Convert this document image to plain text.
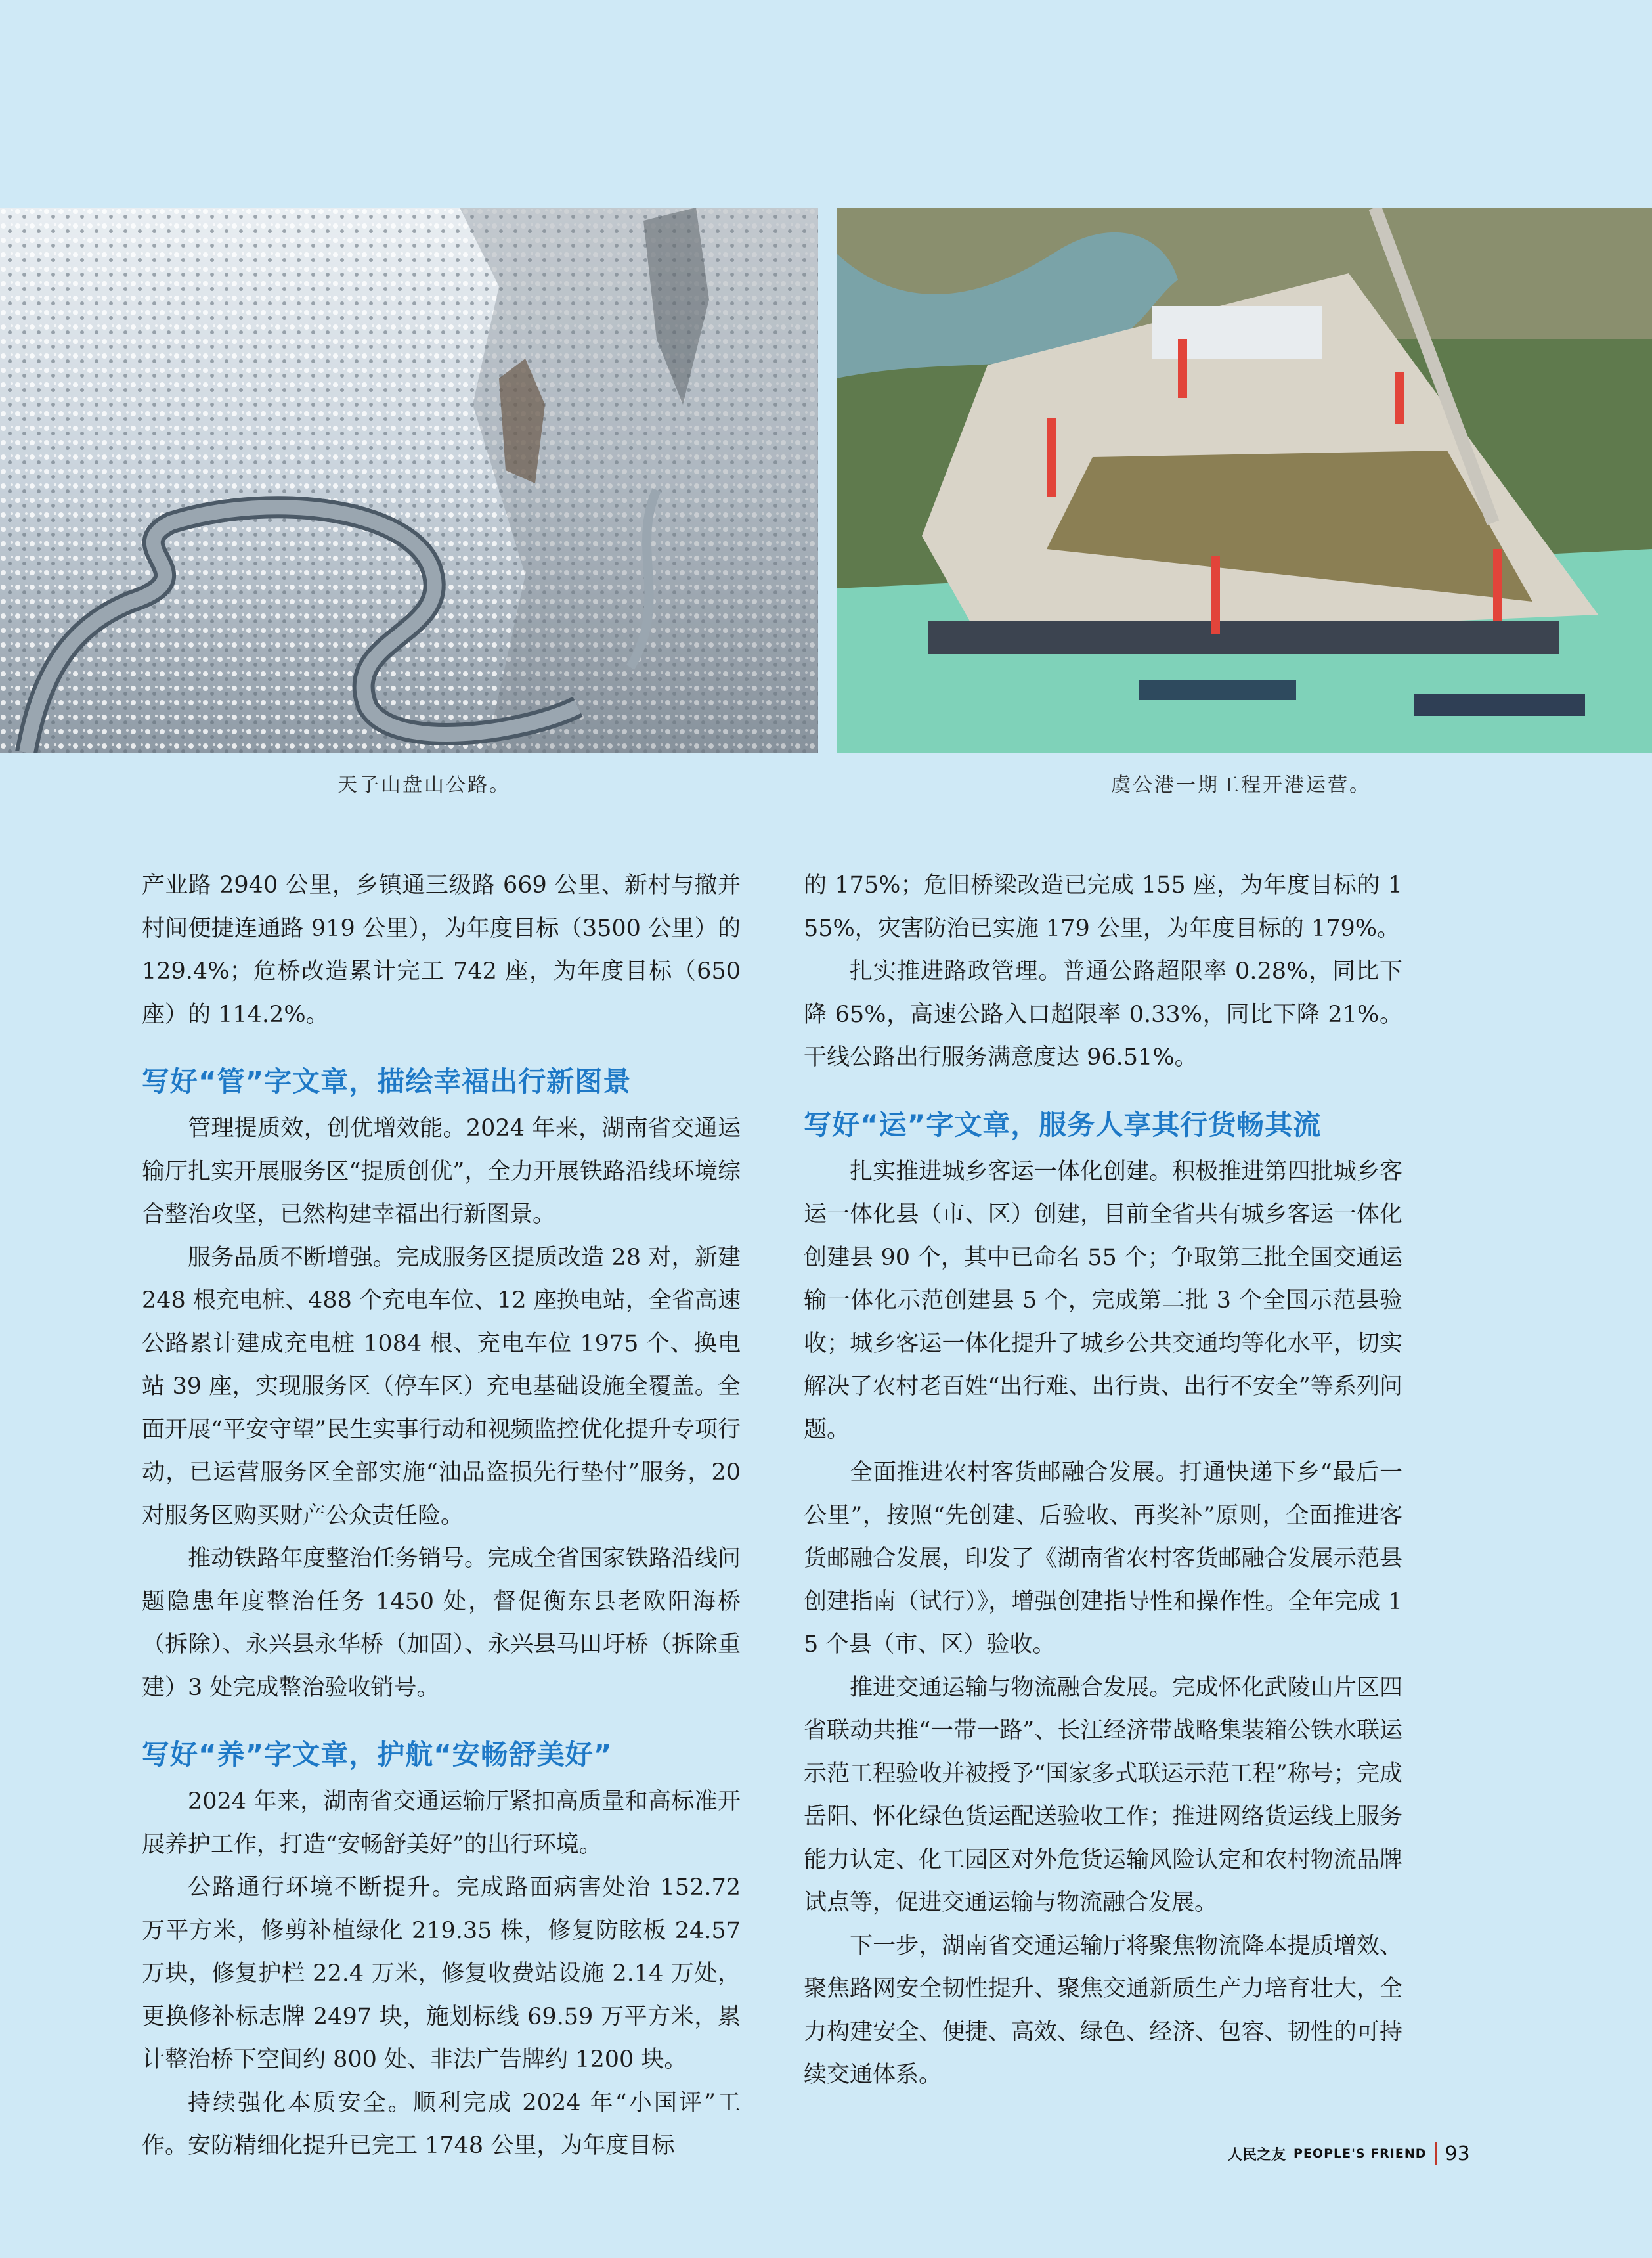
天子山盘山公路。	虞公港一期工程开港运营。

产业路 2940 公里，乡镇通三级路 669 公里、新村与撤并村间便捷连通路 919 公里），为年度目标（3500 公里）的 129.4%；危桥改造累计完工 742 座，为年度目标（650 座）的 114.2%。

写好“管”字文章，描绘幸福出行新图景

管理提质效，创优增效能。2024 年来，湖南省交通运输厅扎实开展服务区“提质创优”，全力开展铁路沿线环境综合整治攻坚，已然构建幸福出行新图景。

服务品质不断增强。完成服务区提质改造 28 对，新建 248 根充电桩、488 个充电车位、12 座换电站，全省高速公路累计建成充电桩 1084 根、充电车位 1975 个、换电站 39 座，实现服务区（停车区）充电基础设施全覆盖。全面开展“平安守望”民生实事行动和视频监控优化提升专项行动，已运营服务区全部实施“油品盗损先行垫付”服务，20 对服务区购买财产公众责任险。

推动铁路年度整治任务销号。完成全省国家铁路沿线问题隐患年度整治任务 1450 处，督促衡东县老欧阳海桥（拆除）、永兴县永华桥（加固）、永兴县马田圩桥（拆除重建）3 处完成整治验收销号。

写好“养”字文章，护航“安畅舒美好”

2024 年来，湖南省交通运输厅紧扣高质量和高标准开展养护工作，打造“安畅舒美好”的出行环境。

公路通行环境不断提升。完成路面病害处治 152.72 万平方米，修剪补植绿化 219.35 株，修复防眩板 24.57 万块，修复护栏 22.4 万米，修复收费站设施 2.14 万处，更换修补标志牌 2497 块，施划标线 69.59 万平方米，累计整治桥下空间约 800 处、非法广告牌约 1200 块。

持续强化本质安全。顺利完成 2024 年“小国评”工作。安防精细化提升已完工 1748 公里，为年度目标

的 175%；危旧桥梁改造已完成 155 座，为年度目标的 155%，灾害防治已实施 179 公里，为年度目标的 179%。

扎实推进路政管理。普通公路超限率 0.28%，同比下降 65%，高速公路入口超限率 0.33%，同比下降 21%。干线公路出行服务满意度达 96.51%。

写好“运”字文章，服务人享其行货畅其流

扎实推进城乡客运一体化创建。积极推进第四批城乡客运一体化县（市、区）创建，目前全省共有城乡客运一体化创建县 90 个，其中已命名 55 个；争取第三批全国交通运输一体化示范创建县 5 个，完成第二批 3 个全国示范县验收；城乡客运一体化提升了城乡公共交通均等化水平，切实解决了农村老百姓“出行难、出行贵、出行不安全”等系列问题。

全面推进农村客货邮融合发展。打通快递下乡“最后一公里”，按照“先创建、后验收、再奖补”原则，全面推进客货邮融合发展，印发了《湖南省农村客货邮融合发展示范县创建指南（试行）》，增强创建指导性和操作性。全年完成 15 个县（市、区）验收。

推进交通运输与物流融合发展。完成怀化武陵山片区四省联动共推“一带一路”、长江经济带战略集装箱公铁水联运示范工程验收并被授予“国家多式联运示范工程”称号；完成岳阳、怀化绿色货运配送验收工作；推进网络货运线上服务能力认定、化工园区对外危货运输风险认定和农村物流品牌试点等，促进交通运输与物流融合发展。

下一步，湖南省交通运输厅将聚焦物流降本提质增效、聚焦路网安全韧性提升、聚焦交通新质生产力培育壮大，全力构建安全、便捷、高效、绿色、经济、包容、韧性的可持续交通体系。

人民之友 PEOPLE'S FRIEND 93
